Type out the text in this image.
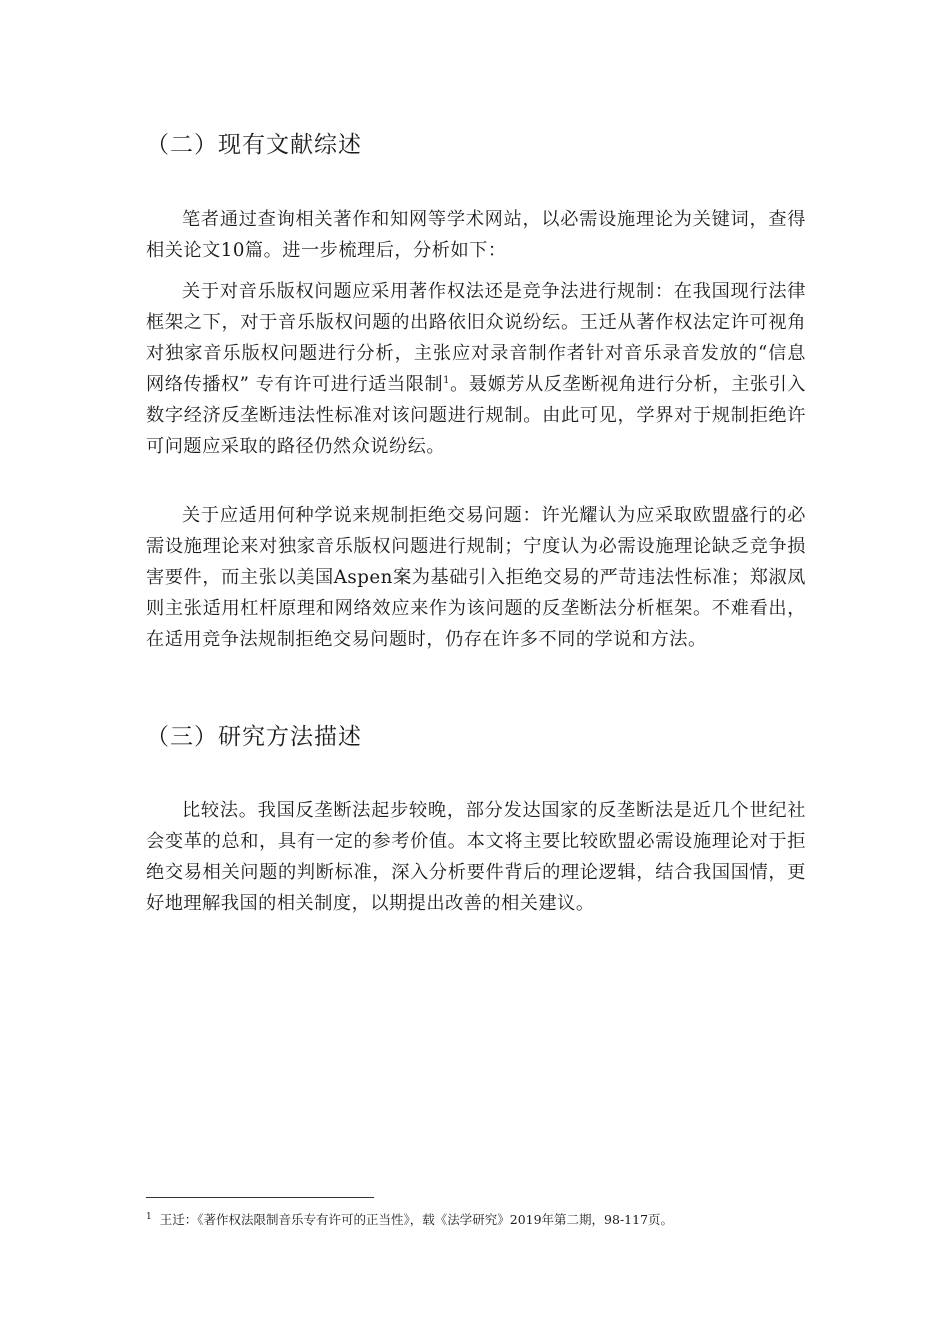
（二）现有文献综述

笔者通过查询相关著作和知网等学术网站，以必需设施理论为关键词，查得相关论文10篇。进一步梳理后，分析如下：

关于对音乐版权问题应采用著作权法还是竞争法进行规制：在我国现行法律框架之下，对于音乐版权问题的出路依旧众说纷纭。王迁从著作权法定许可视角对独家音乐版权问题进行分析，主张应对录音制作者针对音乐录音发放的“信息网络传播权” 专有许可进行适当限制$^1$。聂嫄芳从反垄断视角进行分析，主张引入数字经济反垄断违法性标准对该问题进行规制。由此可见，学界对于规制拒绝许可问题应采取的路径仍然众说纷纭。

关于应适用何种学说来规制拒绝交易问题：许光耀认为应采取欧盟盛行的必需设施理论来对独家音乐版权问题进行规制；宁度认为必需设施理论缺乏竞争损害要件，而主张以美国Aspen案为基础引入拒绝交易的严苛违法性标准；郑淑凤则主张适用杠杆原理和网络效应来作为该问题的反垄断法分析框架。不难看出，在适用竞争法规制拒绝交易问题时，仍存在许多不同的学说和方法。

（三）研究方法描述

比较法。我国反垄断法起步较晚，部分发达国家的反垄断法是近几个世纪社会变革的总和，具有一定的参考价值。本文将主要比较欧盟必需设施理论对于拒绝交易相关问题的判断标准，深入分析要件背后的理论逻辑，结合我国国情，更好地理解我国的相关制度，以期提出改善的相关建议。

$^1$ 王迁：《著作权法限制音乐专有许可的正当性》，载《法学研究》2019年第二期，98-117页。
